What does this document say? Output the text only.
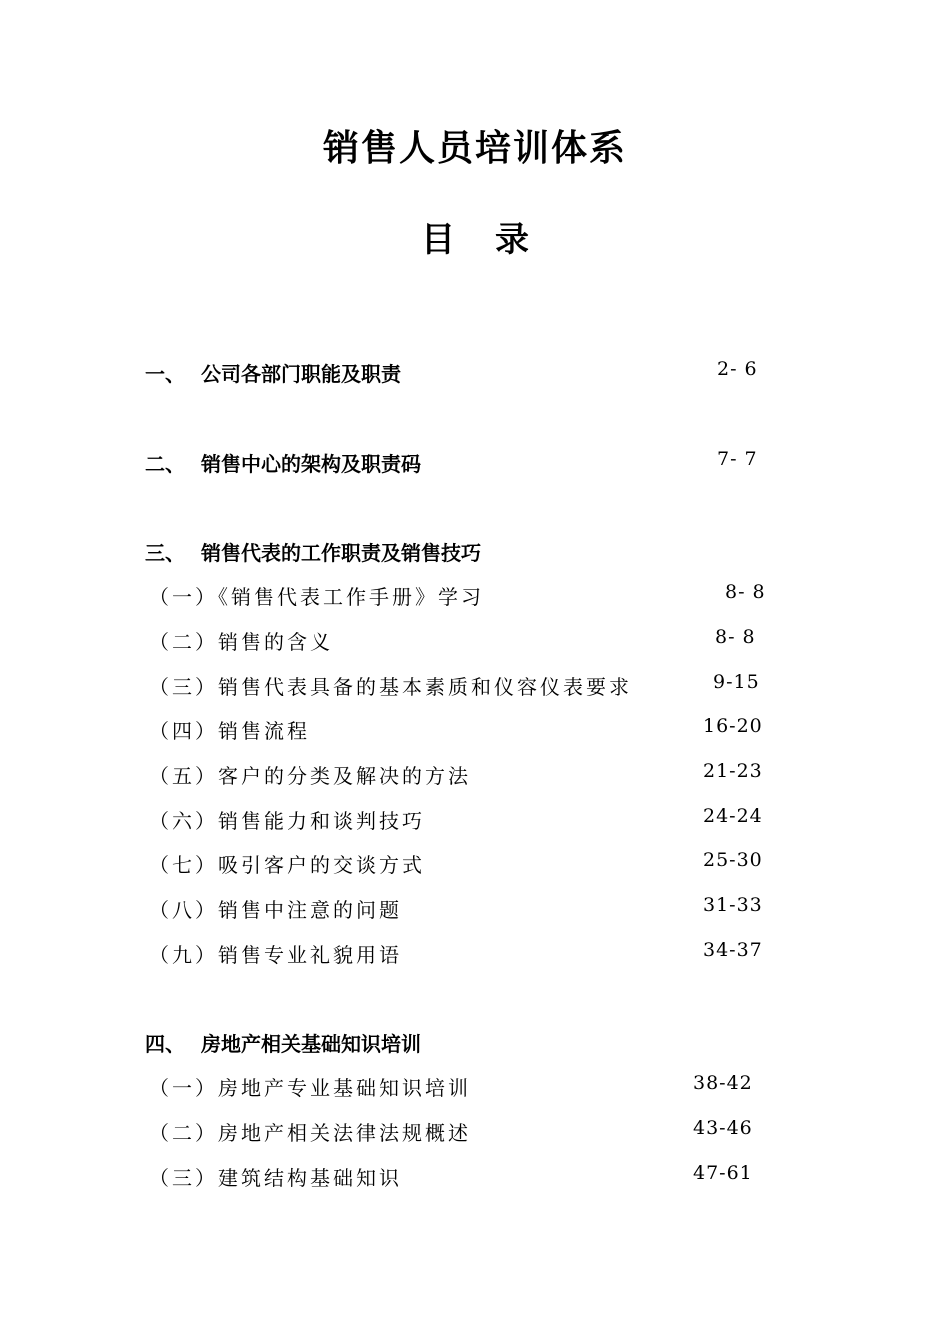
销售人员培训体系
目 录
一、 公司各部门职能及职责	2- 6
二、 销售中心的架构及职责码	7- 7
三、 销售代表的工作职责及销售技巧
（一）《销售代表工作手册》学习	8- 8
（二）销售的含义	8- 8
（三）销售代表具备的基本素质和仪容仪表要求	9-15
（四）销售流程	16-20
（五）客户的分类及解决的方法	21-23
（六）销售能力和谈判技巧	24-24
（七）吸引客户的交谈方式	25-30
（八）销售中注意的问题	31-33
（九）销售专业礼貌用语	34-37
四、 房地产相关基础知识培训
（一）房地产专业基础知识培训	38-42
（二）房地产相关法律法规概述	43-46
（三）建筑结构基础知识	47-61
